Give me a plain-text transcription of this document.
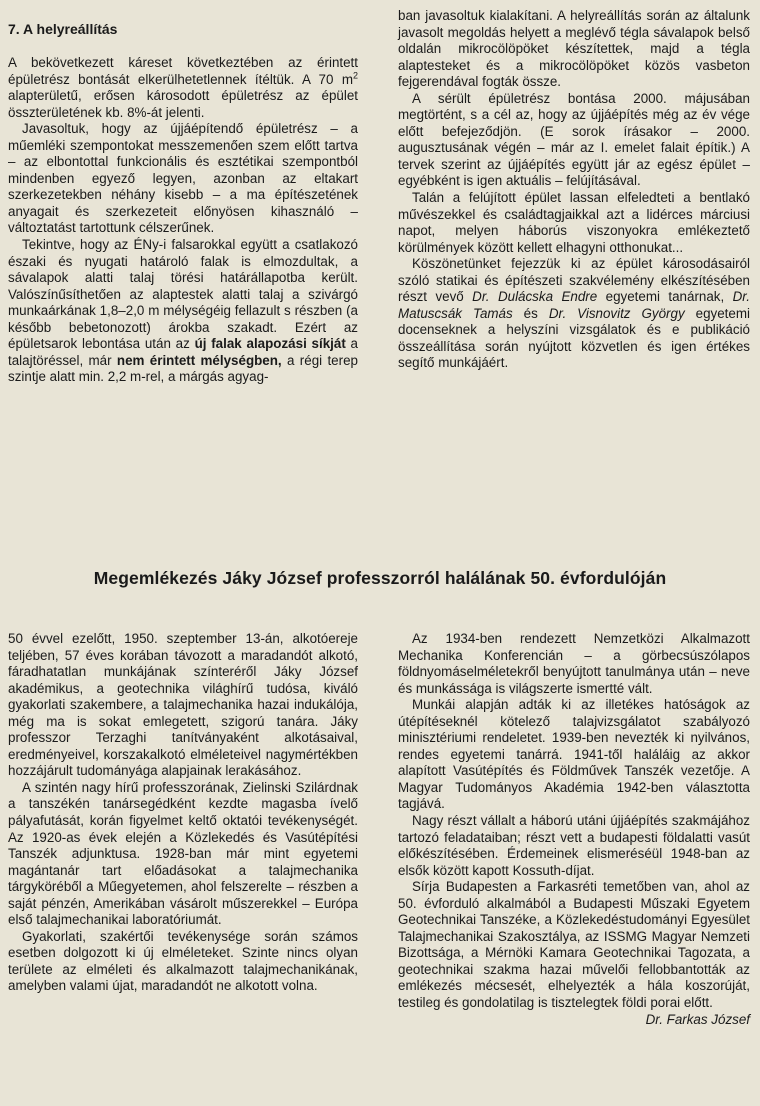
7. A helyreállítás

A bekövetkezett káreset következtében az érintett épületrész bontását elkerülhetetlennek ítéltük. A 70 $m^2$ alapterületű, erősen károsodott épületrész az épület összterületének kb. 8%-át jelenti.

Javasoltuk, hogy az újjáépítendő épületrész – a műemléki szempontokat messzemenően szem előtt tartva – az elbontottal funkcionális és esztétikai szempontból mindenben egyező legyen, azonban az eltakart szerkezetekben néhány kisebb – a ma építészetének anyagait és szerkezeteit előnyösen kihasználó – változtatást tartottunk célszerűnek.

Tekintve, hogy az ÉNy-i falsarokkal együtt a csatlakozó északi és nyugati határoló falak is elmozdultak, a sávalapok alatti talaj törési határállapotba került. Valószínűsíthetően az alaptestek alatti talaj a szivárgó munkaárkának 1,8–2,0 m mélységéig fellazult s részben (a később bebetonozott) árokba szakadt. Ezért az épületsarok lebontása után az új falak alapozási síkját a talajtöréssel, már nem érintett mélységben, a régi terep szintje alatt min. 2,2 m-rel, a márgás agyag-

ban javasoltuk kialakítani. A helyreállítás során az általunk javasolt megoldás helyett a meglévő tégla sávalapok belső oldalán mikrocölöpöket készítettek, majd a tégla alaptesteket és a mikrocölöpöket közös vasbeton fejgerendával fogták össze.

A sérült épületrész bontása 2000. májusában megtörtént, s a cél az, hogy az újjáépítés még az év vége előtt befejeződjön. (E sorok írásakor – 2000. augusztusának végén – már az I. emelet falait építik.) A tervek szerint az újjáépítés együtt jár az egész épület – egyébként is igen aktuális – felújításával.

Talán a felújított épület lassan elfeledteti a bentlakó művészekkel és családtagjaikkal azt a lidérces márciusi napot, melyen háborús viszonyokra emlékeztető körülmények között kellett elhagyni otthonukat...

Köszönetünket fejezzük ki az épület károsodásairól szóló statikai és építészeti szakvélemény elkészítésében részt vevő Dr. Dulácska Endre egyetemi tanárnak, Dr. Matuscsák Tamás és Dr. Visnovitz György egyetemi docenseknek a helyszíni vizsgálatok és e publikáció összeállítása során nyújtott közvetlen és igen értékes segítő munkájáért.

Megemlékezés Jáky József professzorról halálának 50. évfordulóján

50 évvel ezelőtt, 1950. szeptember 13-án, alkotóereje teljében, 57 éves korában távozott a maradandót alkotó, fáradhatatlan munkájának színteréről Jáky József akadémikus, a geotechnika világhírű tudósa, kiváló gyakorlati szakembere, a talajmechanika hazai indukálója, még ma is sokat emlegetett, szigorú tanára. Jáky professzor Terzaghi tanítványaként alkotásaival, eredményeivel, korszakalkotó elméleteivel nagymértékben hozzájárult tudományága alapjainak lerakásához.

A szintén nagy hírű professzorának, Zielinski Szilárdnak a tanszékén tanársegédként kezdte magasba ívelő pályafutását, korán figyelmet keltő oktatói tevékenységét. Az 1920-as évek elején a Közlekedés és Vasútépítési Tanszék adjunktusa. 1928-ban már mint egyetemi magántanár tart előadásokat a talajmechanika tárgyköréből a Műegyetemen, ahol felszerelte – részben a saját pénzén, Amerikában vásárolt műszerekkel – Európa első talajmechanikai laboratóriumát.

Gyakorlati, szakértői tevékenysége során számos esetben dolgozott ki új elméleteket. Szinte nincs olyan területe az elméleti és alkalmazott talajmechanikának, amelyben valami újat, maradandót ne alkotott volna.

Az 1934-ben rendezett Nemzetközi Alkalmazott Mechanika Konferencián – a görbecsúszólapos földnyomáselméletekről benyújtott tanulmánya után – neve és munkássága is világszerte ismertté vált.

Munkái alapján adták ki az illetékes hatóságok az útépítéseknél kötelező talajvizsgálatot szabályozó minisztériumi rendeletet. 1939-ben nevezték ki nyilvános, rendes egyetemi tanárrá. 1941-től haláláig az akkor alapított Vasútépítés és Földművek Tanszék vezetője. A Magyar Tudományos Akadémia 1942-ben választotta tagjává.

Nagy részt vállalt a háború utáni újjáépítés szakmájához tartozó feladataiban; részt vett a budapesti földalatti vasút előkészítésében. Érdemeinek elismeréséül 1948-ban az elsők között kapott Kossuth-díjat.

Sírja Budapesten a Farkasréti temetőben van, ahol az 50. évforduló alkalmából a Budapesti Műszaki Egyetem Geotechnikai Tanszéke, a Közlekedéstudományi Egyesület Talajmechanikai Szakosztálya, az ISSMG Magyar Nemzeti Bizottsága, a Mérnöki Kamara Geotechnikai Tagozata, a geotechnikai szakma hazai művelői fellobbantották az emlékezés mécsesét, elhelyezték a hála koszorúját, testileg és gondolatilag is tisztelegtek földi porai előtt.

Dr. Farkas József
